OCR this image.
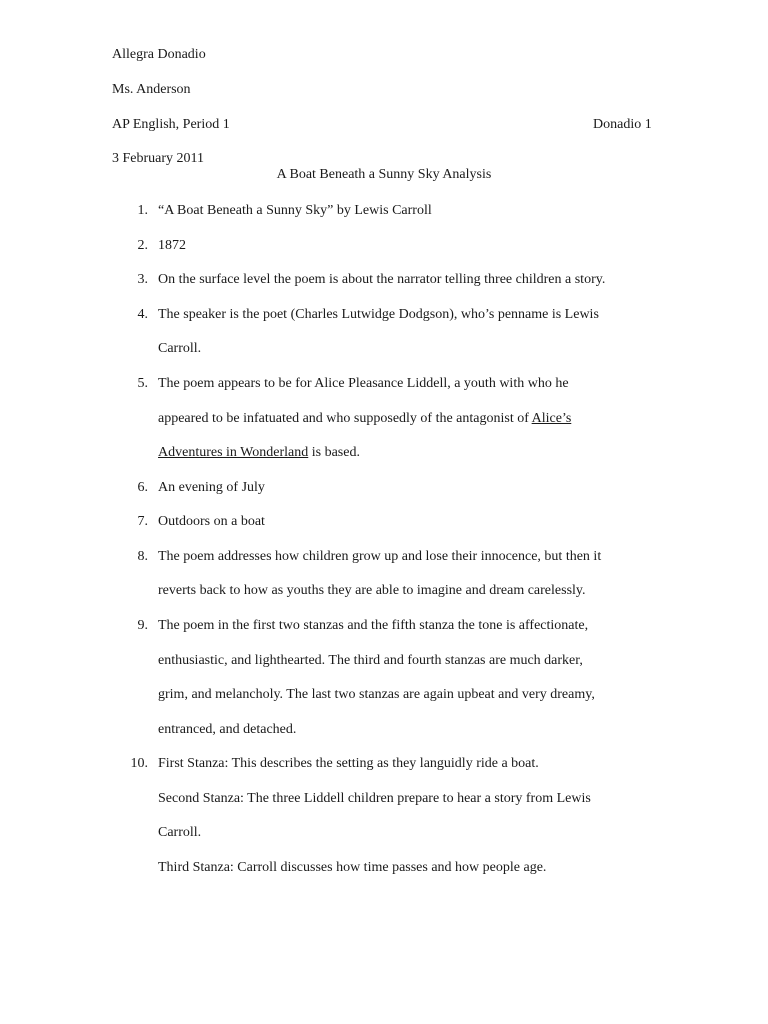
Allegra Donadio
Ms. Anderson
AP English, Period 1	Donadio 1
3 February 2011
A Boat Beneath a Sunny Sky Analysis
1. “A Boat Beneath a Sunny Sky” by Lewis Carroll
2. 1872
3. On the surface level the poem is about the narrator telling three children a story.
4. The speaker is the poet (Charles Lutwidge Dodgson), who’s penname is Lewis
Carroll.
5. The poem appears to be for Alice Pleasance Liddell, a youth with who he
appeared to be infatuated and who supposedly of the antagonist of Alice’s
Adventures in Wonderland is based.
6. An evening of July
7. Outdoors on a boat
8. The poem addresses how children grow up and lose their innocence, but then it
reverts back to how as youths they are able to imagine and dream carelessly.
9. The poem in the first two stanzas and the fifth stanza the tone is affectionate,
enthusiastic, and lighthearted. The third and fourth stanzas are much darker,
grim, and melancholy. The last two stanzas are again upbeat and very dreamy,
entranced, and detached.
10. First Stanza: This describes the setting as they languidly ride a boat.
Second Stanza: The three Liddell children prepare to hear a story from Lewis
Carroll.
Third Stanza: Carroll discusses how time passes and how people age.
